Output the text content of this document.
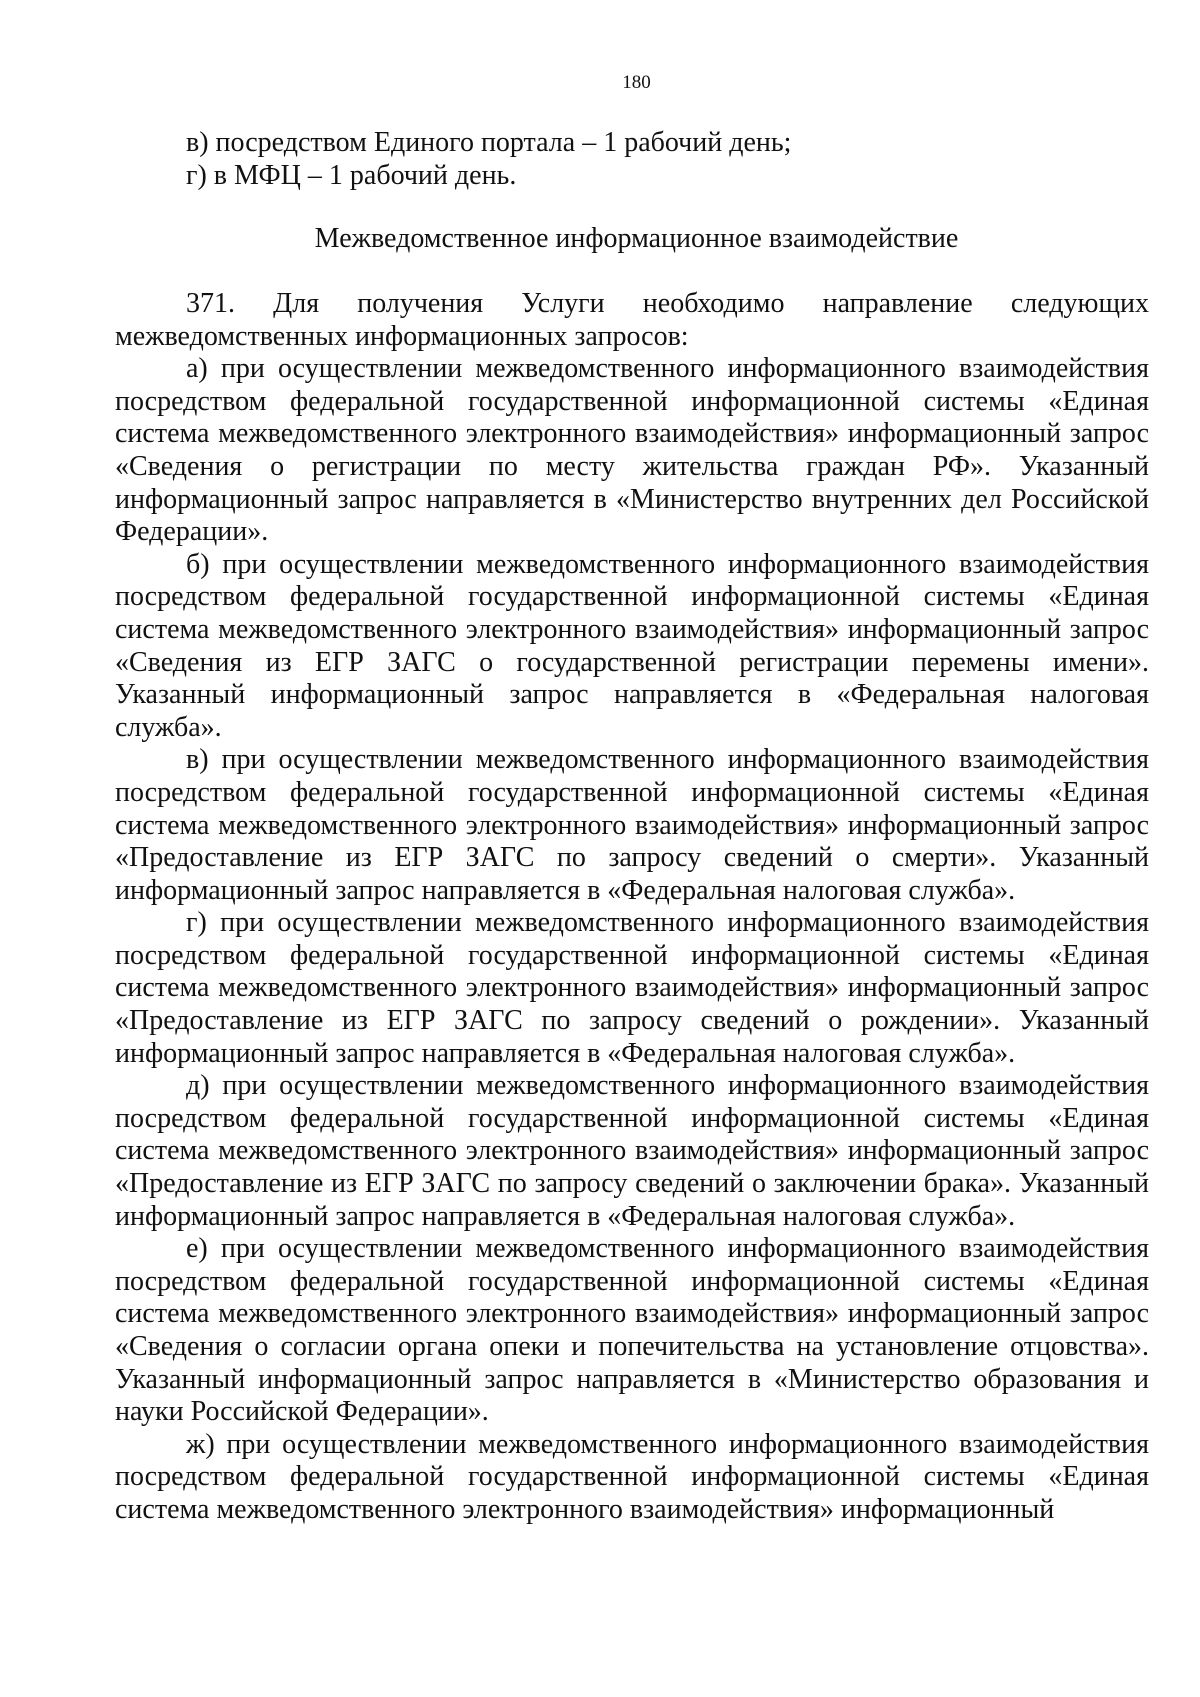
180

в) посредством Единого портала – 1 рабочий день;

г) в МФЦ – 1 рабочий день.

Межведомственное информационное взаимодействие

371. Для получения Услуги необходимо направление следующих межведомственных информационных запросов:

а) при осуществлении межведомственного информационного взаимодействия посредством федеральной государственной информационной системы «Единая система межведомственного электронного взаимодействия» информационный запрос «Сведения о регистрации по месту жительства граждан РФ». Указанный информационный запрос направляется в «Министерство внутренних дел Российской Федерации».

б) при осуществлении межведомственного информационного взаимодействия посредством федеральной государственной информационной системы «Единая система межведомственного электронного взаимодействия» информационный запрос «Сведения из ЕГР ЗАГС о государственной регистрации перемены имени». Указанный информационный запрос направляется в «Федеральная налоговая служба».

в) при осуществлении межведомственного информационного взаимодействия посредством федеральной государственной информационной системы «Единая система межведомственного электронного взаимодействия» информационный запрос «Предоставление из ЕГР ЗАГС по запросу сведений о смерти». Указанный информационный запрос направляется в «Федеральная налоговая служба».

г) при осуществлении межведомственного информационного взаимодействия посредством федеральной государственной информационной системы «Единая система межведомственного электронного взаимодействия» информационный запрос «Предоставление из ЕГР ЗАГС по запросу сведений о рождении». Указанный информационный запрос направляется в «Федеральная налоговая служба».

д) при осуществлении межведомственного информационного взаимодействия посредством федеральной государственной информационной системы «Единая система межведомственного электронного взаимодействия» информационный запрос «Предоставление из ЕГР ЗАГС по запросу сведений о заключении брака». Указанный информационный запрос направляется в «Федеральная налоговая служба».

е) при осуществлении межведомственного информационного взаимодействия посредством федеральной государственной информационной системы «Единая система межведомственного электронного взаимодействия» информационный запрос «Сведения о согласии органа опеки и попечительства на установление отцовства». Указанный информационный запрос направляется в «Министерство образования и науки Российской Федерации».

ж) при осуществлении межведомственного информационного взаимодействия посредством федеральной государственной информационной системы «Единая система межведомственного электронного взаимодействия» информационный
